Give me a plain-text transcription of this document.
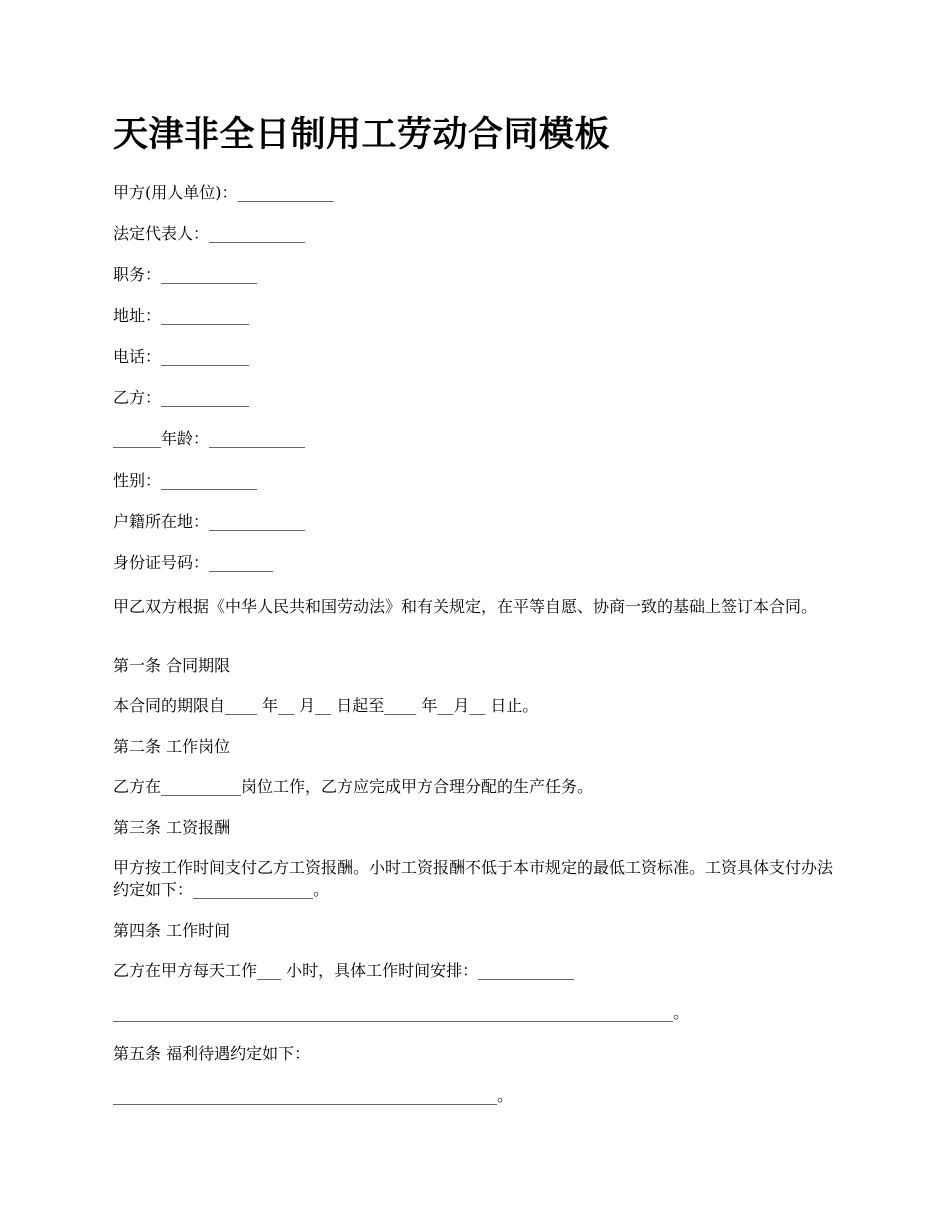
天津非全日制用工劳动合同模板

甲方(用人单位)：____________

法定代表人：____________

职务：____________

地址：___________

电话：___________

乙方：___________

______年龄：____________

性别：____________

户籍所在地：____________

身份证号码：________

甲乙双方根据《中华人民共和国劳动法》和有关规定，在平等自愿、协商一致的基础上签订本合同。

第一条 合同期限

本合同的期限自____ 年__ 月__ 日起至____ 年__月__ 日止。

第二条 工作岗位

乙方在__________岗位工作，乙方应完成甲方合理分配的生产任务。

第三条 工资报酬

甲方按工作时间支付乙方工资报酬。小时工资报酬不低于本市规定的最低工资标准。工资具体支付办法约定如下：_______________。

第四条 工作时间

乙方在甲方每天工作___ 小时，具体工作时间安排：____________

______________________________________________________________________。

第五条 福利待遇约定如下：

________________________________________________。
